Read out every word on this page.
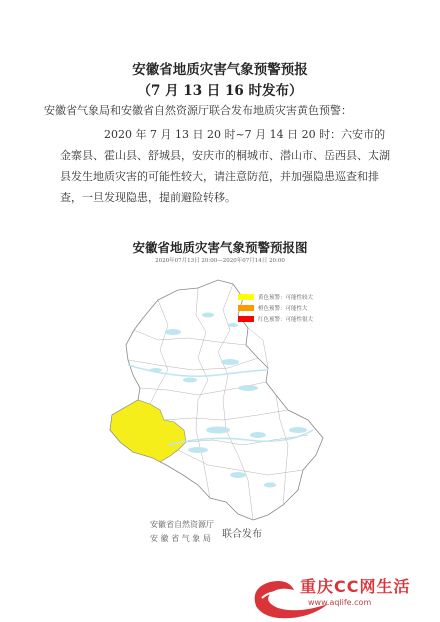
安徽省地质灾害气象预警预报
（7 月 13 日 16 时发布）
安徽省气象局和安徽省自然资源厅联合发布地质灾害黄色预警：
2020 年 7 月 13 日 20 时~7 月 14 日 20 时：六安市的金寨县、霍山县、舒城县，安庆市的桐城市、潜山市、岳西县、太湖县发生地质灾害的可能性较大，请注意防范，并加强隐患巡查和排查，一旦发现隐患，提前避险转移。
安徽省地质灾害气象预警预报图
2020年07月13日 20:00—2020年07月14日 20:00
黄色预警：可能性较大
橙色预警：可能性大
红色预警：可能性很大
安徽省自然资源厅
安 徽 省 气 象 局	联合发布
重庆CC网生活
www.aqlife.com
